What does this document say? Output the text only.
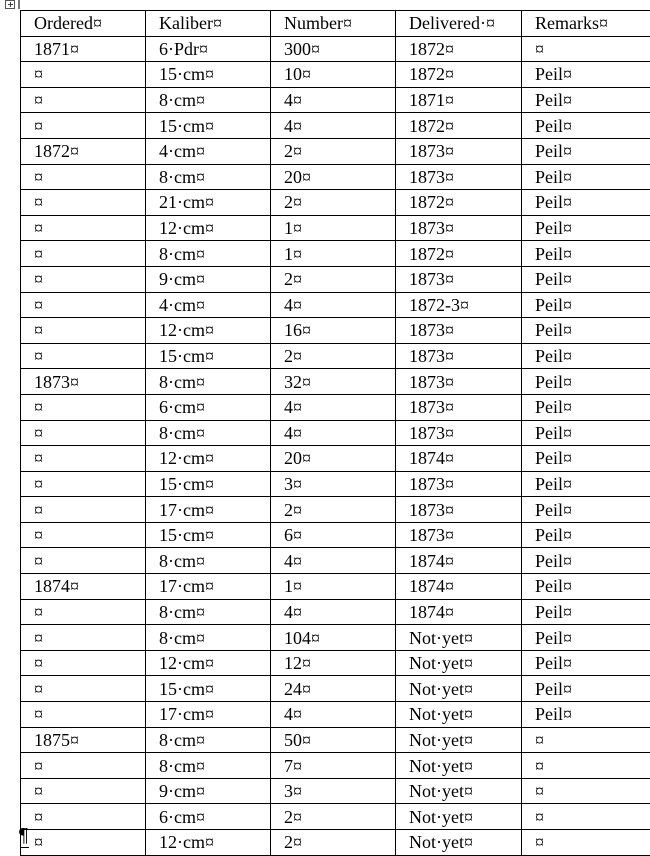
Ordered¤	Kaliber¤	Number¤	Delivered·¤	Remarks¤
1871¤	6·Pdr¤	300¤	1872¤	¤
¤	15·cm¤	10¤	1872¤	Peil¤
¤	8·cm¤	4¤	1871¤	Peil¤
¤	15·cm¤	4¤	1872¤	Peil¤
1872¤	4·cm¤	2¤	1873¤	Peil¤
¤	8·cm¤	20¤	1873¤	Peil¤
¤	21·cm¤	2¤	1872¤	Peil¤
¤	12·cm¤	1¤	1873¤	Peil¤
¤	8·cm¤	1¤	1872¤	Peil¤
¤	9·cm¤	2¤	1873¤	Peil¤
¤	4·cm¤	4¤	1872-3¤	Peil¤
¤	12·cm¤	16¤	1873¤	Peil¤
¤	15·cm¤	2¤	1873¤	Peil¤
1873¤	8·cm¤	32¤	1873¤	Peil¤
¤	6·cm¤	4¤	1873¤	Peil¤
¤	8·cm¤	4¤	1873¤	Peil¤
¤	12·cm¤	20¤	1874¤	Peil¤
¤	15·cm¤	3¤	1873¤	Peil¤
¤	17·cm¤	2¤	1873¤	Peil¤
¤	15·cm¤	6¤	1873¤	Peil¤
¤	8·cm¤	4¤	1874¤	Peil¤
1874¤	17·cm¤	1¤	1874¤	Peil¤
¤	8·cm¤	4¤	1874¤	Peil¤
¤	8·cm¤	104¤	Not·yet¤	Peil¤
¤	12·cm¤	12¤	Not·yet¤	Peil¤
¤	15·cm¤	24¤	Not·yet¤	Peil¤
¤	17·cm¤	4¤	Not·yet¤	Peil¤
1875¤	8·cm¤	50¤	Not·yet¤	¤
¤	8·cm¤	7¤	Not·yet¤	¤
¤	9·cm¤	3¤	Not·yet¤	¤
¤	6·cm¤	2¤	Not·yet¤	¤
¤	12·cm¤	2¤	Not·yet¤	¤
¶
